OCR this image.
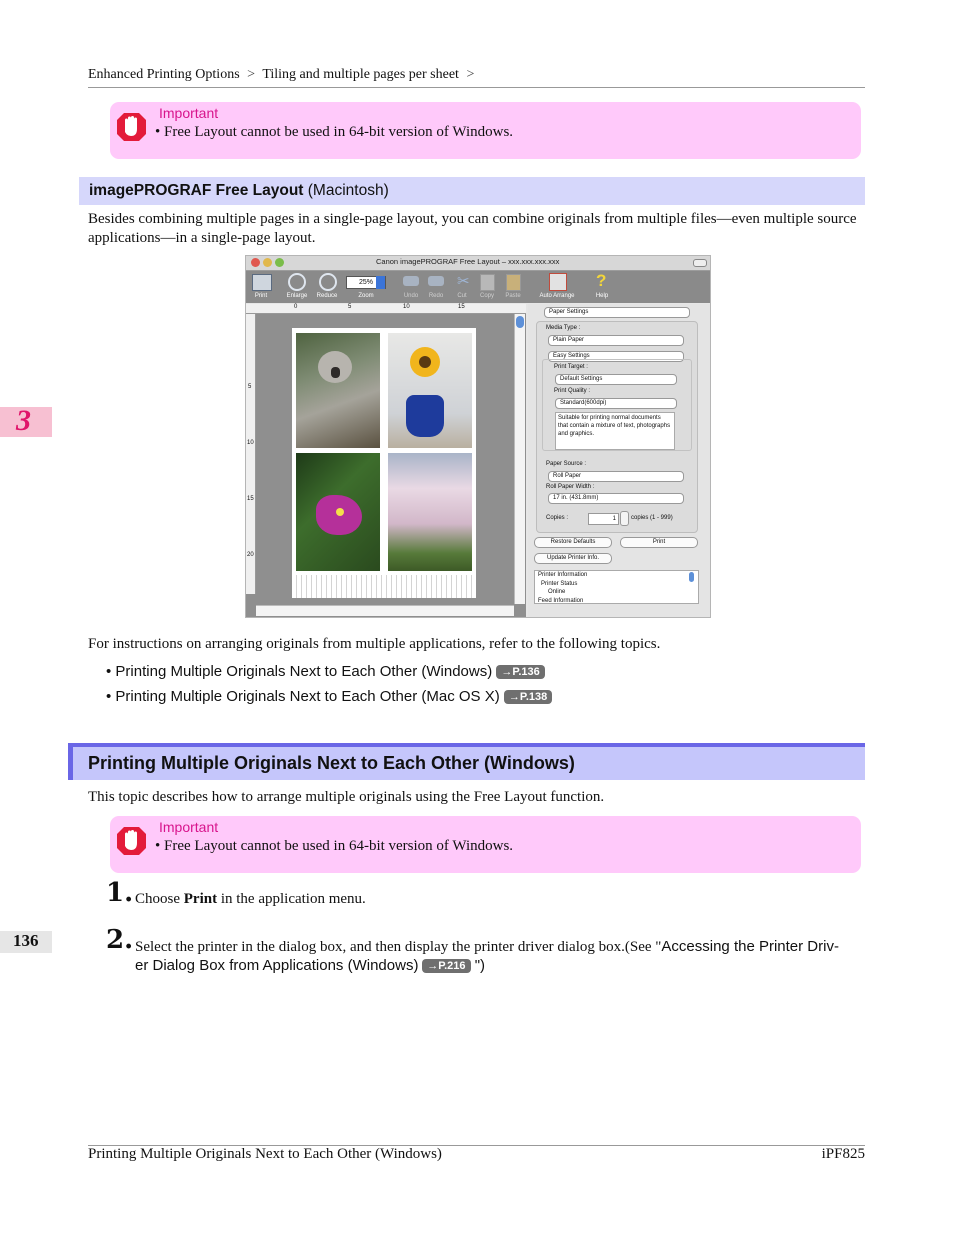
Enhanced Printing Options > Tiling and multiple pages per sheet >
Important
• Free Layout cannot be used in 64-bit version of Windows.
imagePROGRAF Free Layout (Macintosh)
Besides combining multiple pages in a single-page layout, you can combine originals from multiple files—even multiple source applications—in a single-page layout.
Canon imagePROGRAF Free Layout – xxx.xxx.xxx.xxx
Print	Enlarge	Reduce
25%
Zoom	Undo	Redo
✂
Cut	Copy	Paste	Auto Arrange
?
Help
0	5	10	15
5
10
15
20
Paper Settings
Media Type :
Plain Paper
Easy Settings
Print Target :
Default Settings
Print Quality :
Standard(600dpi)
Suitable for printing normal documents that contain a mixture of text, photographs and graphics.
Paper Source :
Roll Paper
Roll Paper Width :
17 in. (431.8mm)
Copies :	1	copies (1 - 999)
Restore Defaults	Print
Update Printer Info.
Printer Information
Printer Status
Online
Feed Information
For instructions on arranging originals from multiple applications, refer to the following topics.
• Printing Multiple Originals Next to Each Other (Windows) →P.136
• Printing Multiple Originals Next to Each Other (Mac OS X) →P.138
Printing Multiple Originals Next to Each Other (Windows)
This topic describes how to arrange multiple originals using the Free Layout function.
Important
• Free Layout cannot be used in 64-bit version of Windows.
1. Choose Print in the application menu.
2. Select the printer in the dialog box, and then display the printer driver dialog box.(See "Accessing the Printer Driv-
er Dialog Box from Applications (Windows) →P.216 ")
3
136
Printing Multiple Originals Next to Each Other (Windows)	iPF825
